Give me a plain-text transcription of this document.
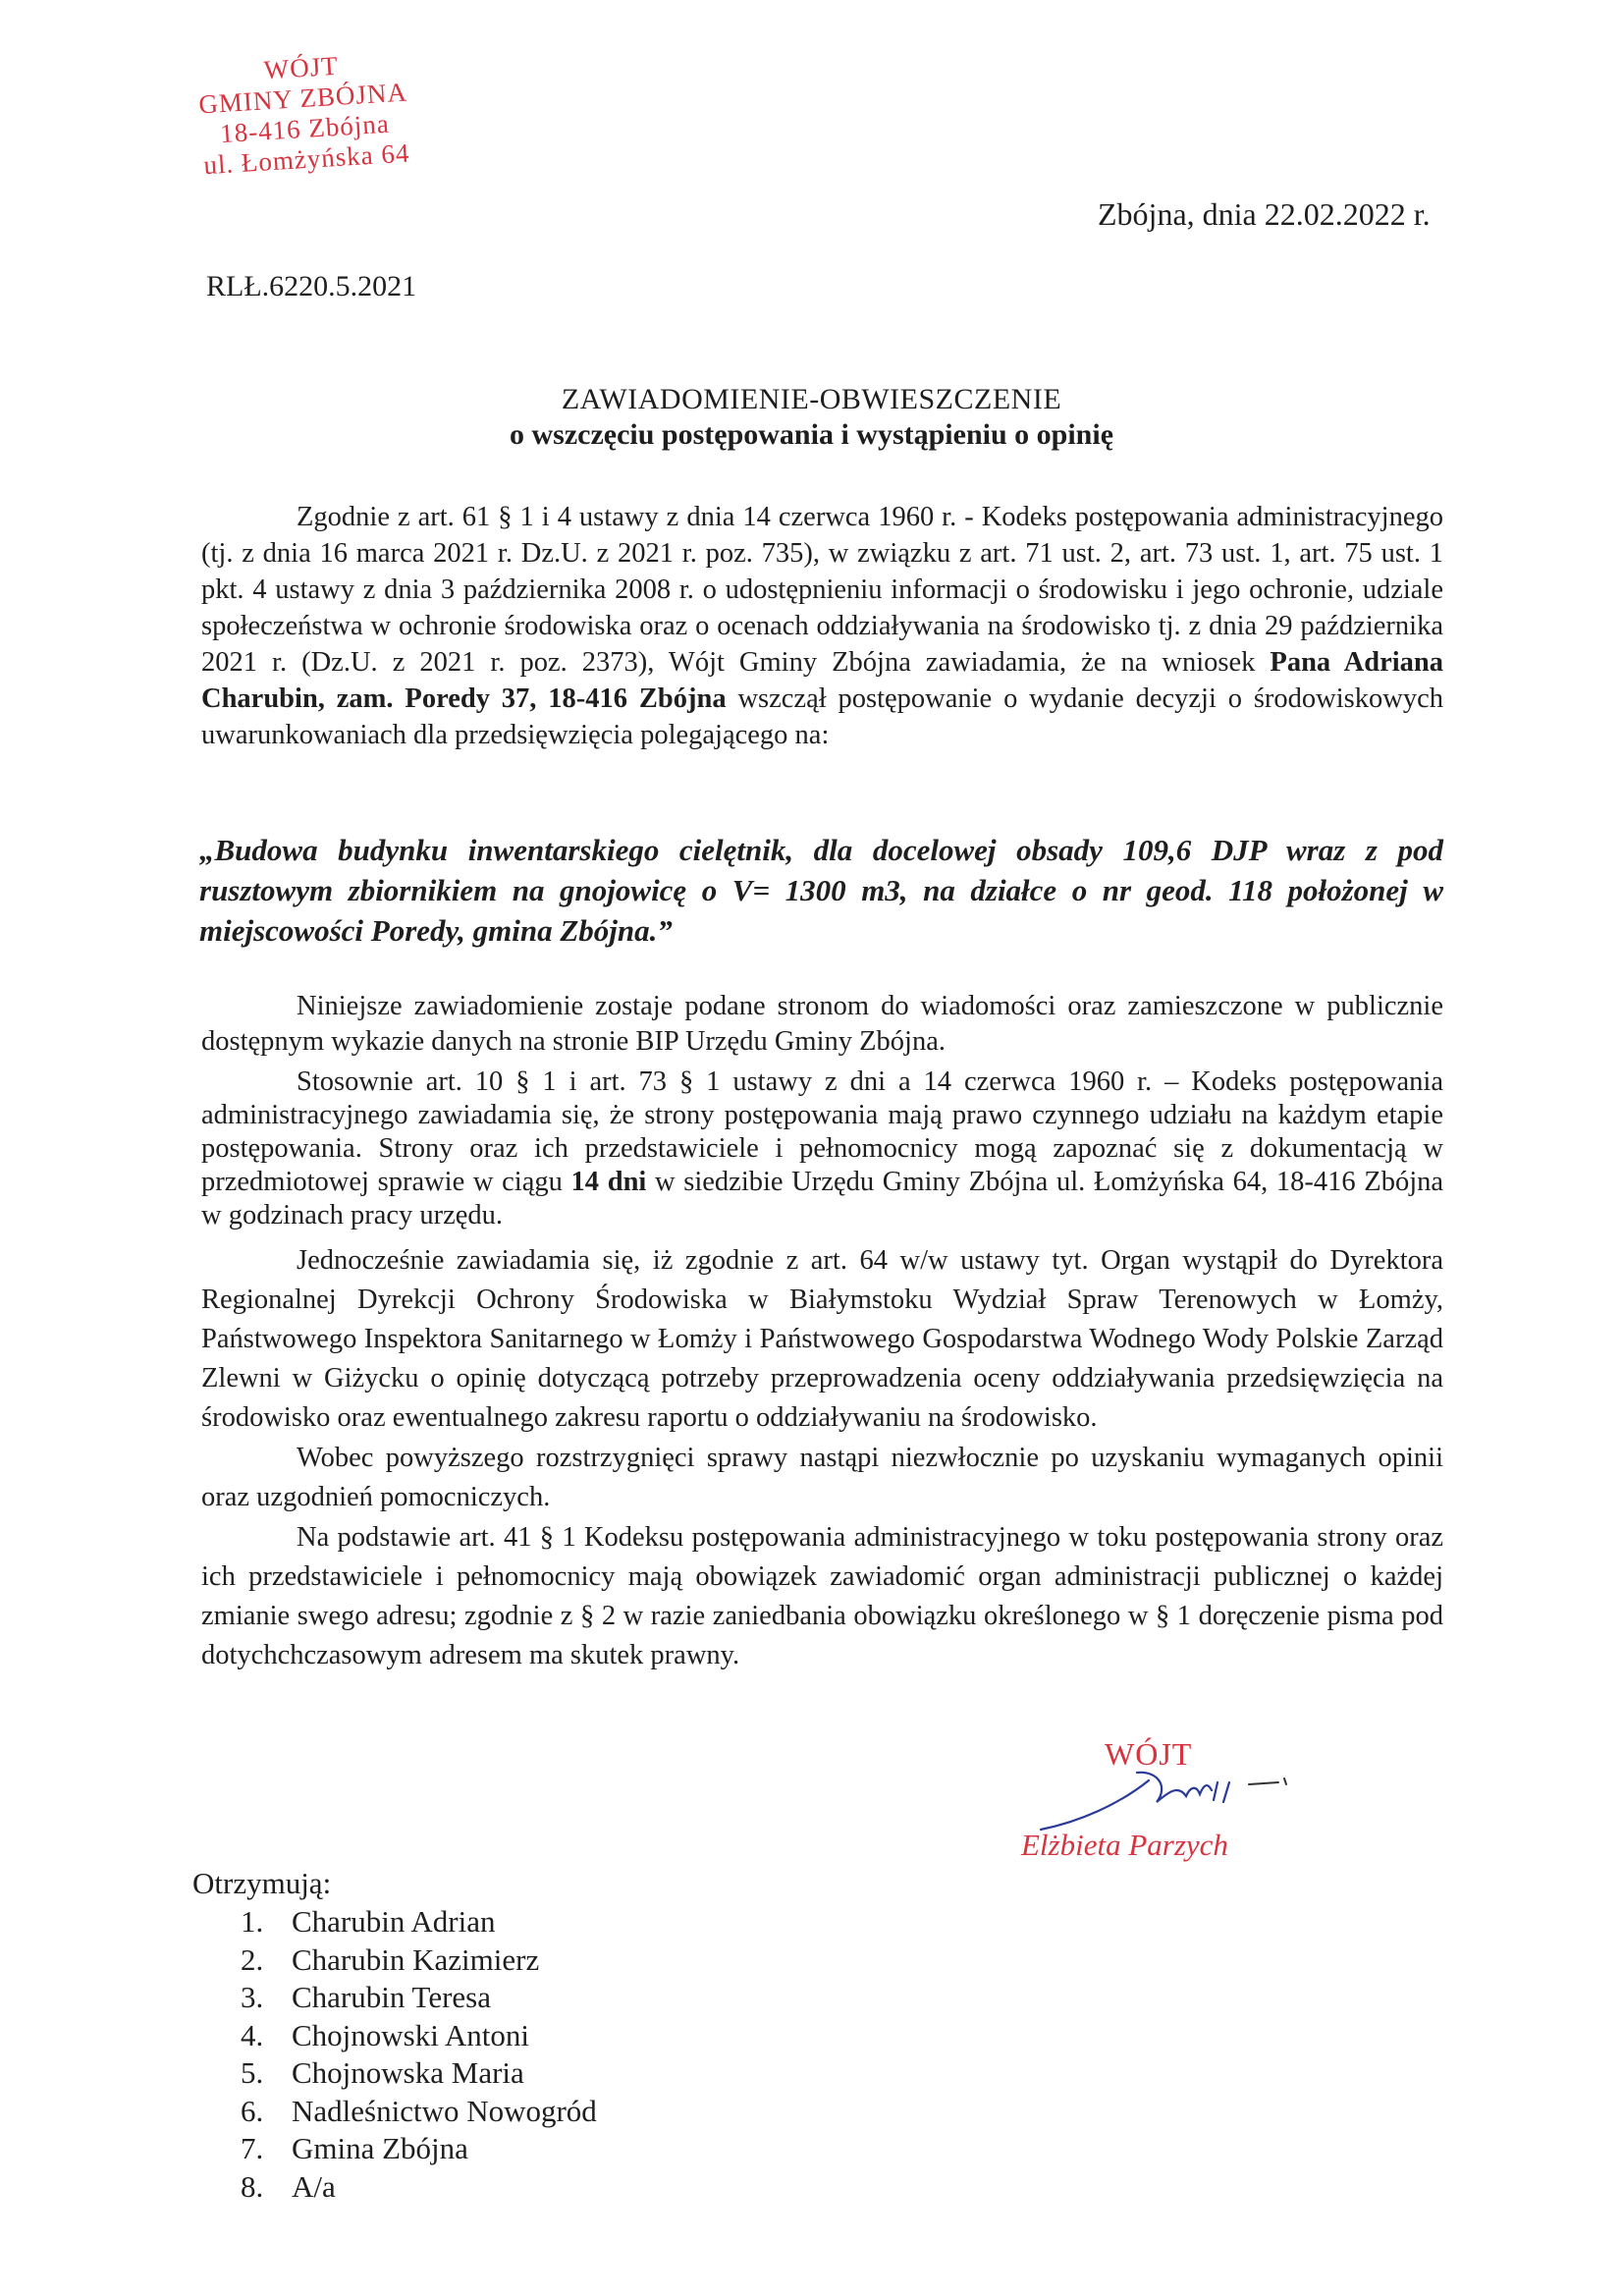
WÓJT
GMINY ZBÓJNA
18-416 Zbójna
ul. Łomżyńska 64
Zbójna, dnia 22.02.2022 r.
RLŁ.6220.5.2021
ZAWIADOMIENIE-OBWIESZCZENIE
o wszczęciu postępowania i wystąpieniu o opinię
Zgodnie z art. 61 § 1 i 4 ustawy z dnia 14 czerwca 1960 r. - Kodeks postępowania administracyjnego (tj. z dnia 16 marca 2021 r. Dz.U. z 2021 r. poz. 735), w związku z art. 71 ust. 2, art. 73 ust. 1, art. 75 ust. 1 pkt. 4 ustawy z dnia 3 października 2008 r. o udostępnieniu informacji o środowisku i jego ochronie, udziale społeczeństwa w ochronie środowiska oraz o ocenach oddziaływania na środowisko tj. z dnia 29 października 2021 r. (Dz.U. z 2021 r. poz. 2373), Wójt Gminy Zbójna zawiadamia, że na wniosek Pana Adriana Charubin, zam. Poredy 37, 18-416 Zbójna wszczął postępowanie o wydanie decyzji o środowiskowych uwarunkowaniach dla przedsięwzięcia polegającego na:
„Budowa budynku inwentarskiego cielętnik, dla docelowej obsady 109,6 DJP wraz z pod rusztowym zbiornikiem na gnojowicę o V= 1300 m3, na działce o nr geod. 118 położonej w miejscowości Poredy, gmina Zbójna.”
Niniejsze zawiadomienie zostaje podane stronom do wiadomości oraz zamieszczone w publicznie dostępnym wykazie danych na stronie BIP Urzędu Gminy Zbójna.
Stosownie art. 10 § 1 i art. 73 § 1 ustawy z dni a 14 czerwca 1960 r. – Kodeks postępowania administracyjnego zawiadamia się, że strony postępowania mają prawo czynnego udziału na każdym etapie postępowania. Strony oraz ich przedstawiciele i pełnomocnicy mogą zapoznać się z dokumentacją w przedmiotowej sprawie w ciągu 14 dni w siedzibie Urzędu Gminy Zbójna ul. Łomżyńska 64, 18-416 Zbójna w godzinach pracy urzędu.
Jednocześnie zawiadamia się, iż zgodnie z art. 64 w/w ustawy tyt. Organ wystąpił do Dyrektora Regionalnej Dyrekcji Ochrony Środowiska w Białymstoku Wydział Spraw Terenowych w Łomży, Państwowego Inspektora Sanitarnego w Łomży i Państwowego Gospodarstwa Wodnego Wody Polskie Zarząd Zlewni w Giżycku o opinię dotyczącą potrzeby przeprowadzenia oceny oddziaływania przedsięwzięcia na środowisko oraz ewentualnego zakresu raportu o oddziaływaniu na środowisko.
Wobec powyższego rozstrzygnięci sprawy nastąpi niezwłocznie po uzyskaniu wymaganych opinii oraz uzgodnień pomocniczych.
Na podstawie art. 41 § 1 Kodeksu postępowania administracyjnego w toku postępowania strony oraz ich przedstawiciele i pełnomocnicy mają obowiązek zawiadomić organ administracji publicznej o każdej zmianie swego adresu; zgodnie z § 2 w razie zaniedbania obowiązku określonego w § 1 doręczenie pisma pod dotychchczasowym adresem ma skutek prawny.
WÓJT
Elżbieta Parzych
Otrzymują:
1. Charubin Adrian
2. Charubin Kazimierz
3. Charubin Teresa
4. Chojnowski Antoni
5. Chojnowska Maria
6. Nadleśnictwo Nowogród
7. Gmina Zbójna
8. A/a
